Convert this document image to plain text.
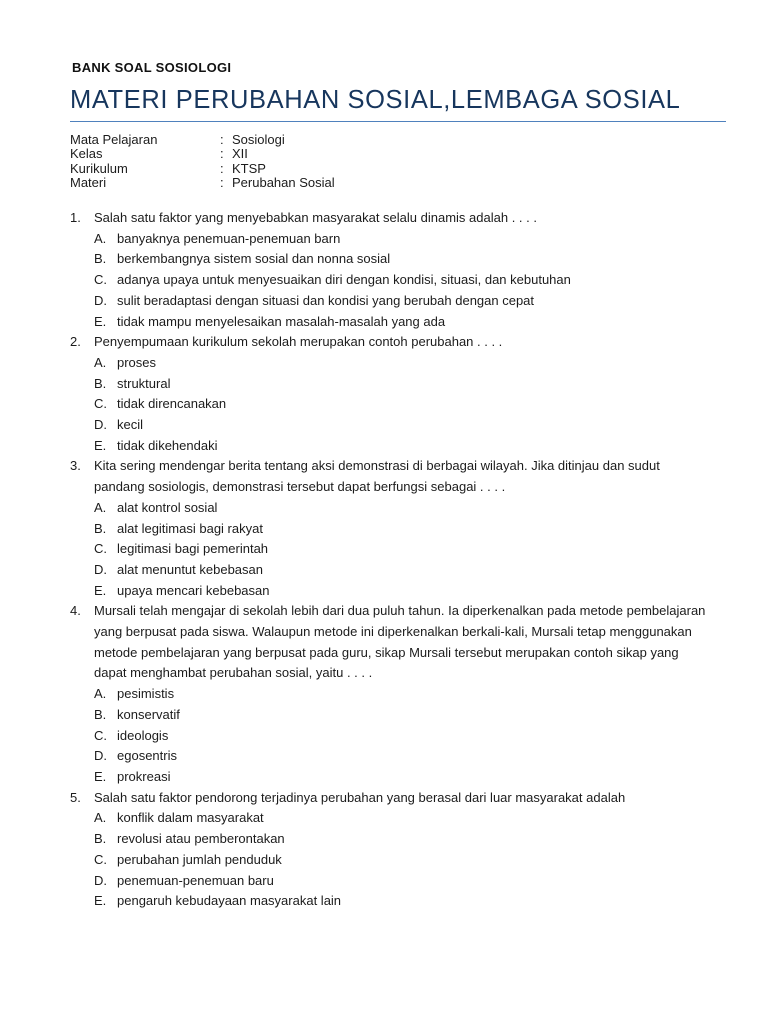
BANK SOAL SOSIOLOGI
MATERI PERUBAHAN SOSIAL,LEMBAGA SOSIAL
Mata Pelajaran	: Sosiologi
Kelas	: XII
Kurikulum	: KTSP
Materi	: Perubahan Sosial
1.	Salah satu faktor yang menyebabkan masyarakat selalu dinamis adalah . . . .
A. banyaknya penemuan-penemuan barn
B. berkembangnya sistem sosial dan nonna sosial
C. adanya upaya untuk menyesuaikan diri dengan kondisi, situasi, dan kebutuhan
D. sulit beradaptasi dengan situasi dan kondisi yang berubah dengan cepat
E. tidak mampu menyelesaikan masalah-masalah yang ada
2.	Penyempumaan kurikulum sekolah merupakan contoh perubahan . . . .
A. proses
B. struktural
C. tidak direncanakan
D. kecil
E. tidak dikehendaki
3.	Kita sering mendengar berita tentang aksi demonstrasi di berbagai wilayah. Jika ditinjau dan sudut pandang sosiologis, demonstrasi tersebut dapat berfungsi sebagai . . . .
A. alat kontrol sosial
B. alat legitimasi bagi rakyat
C. legitimasi bagi pemerintah
D. alat menuntut kebebasan
E. upaya mencari kebebasan
4.	Mursali telah mengajar di sekolah lebih dari dua puluh tahun. Ia diperkenalkan pada metode pembelajaran yang berpusat pada siswa. Walaupun metode ini diperkenalkan berkali-kali, Mursali tetap menggunakan metode pembelajaran yang berpusat pada guru, sikap Mursali tersebut merupakan contoh sikap yang dapat menghambat perubahan sosial, yaitu . . . .
A. pesimistis
B. konservatif
C. ideologis
D. egosentris
E. prokreasi
5.	Salah satu faktor pendorong terjadinya perubahan yang berasal dari luar masyarakat adalah
A. konflik dalam masyarakat
B. revolusi atau pemberontakan
C. perubahan jumlah penduduk
D. penemuan-penemuan baru
E. pengaruh kebudayaan masyarakat lain
